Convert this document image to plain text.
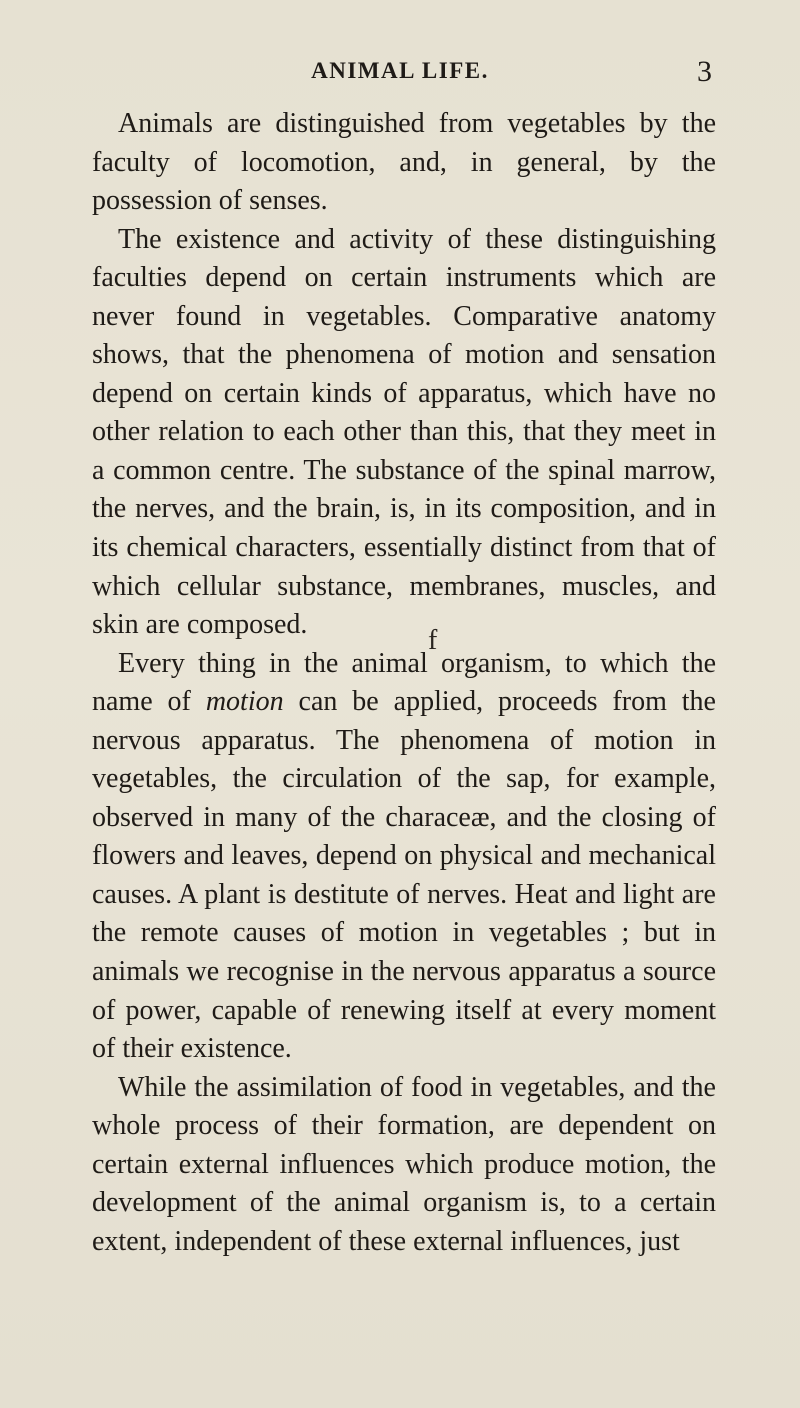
ANIMAL LIFE.	3

Animals are distinguished from vegetables by the faculty of locomotion, and, in general, by the possession of senses.

The existence and activity of these distinguishing faculties depend on certain instruments which are never found in vegetables. Comparative anatomy shows, that the phenomena of motion and sensation depend on certain kinds of apparatus, which have no other relation to each other than this, that they meet in a common centre. The substance of the spinal marrow, the nerves, and the brain, is, in its composition, and in its chemical characters, essentially distinct from that of which cellular substance, membranes, muscles, and skin are composed.

Every thing in the animal organism, to which the name of motion can be applied, proceeds from the nervous apparatus. The phenomena of motion in vegetables, the circulation of the sap, for example, observed in many of the characeæ, and the closing of flowers and leaves, depend on physical and mechanical causes. A plant is destitute of nerves. Heat and light are the remote causes of motion in vegetables ; but in animals we recognise in the nervous apparatus a source of power, capable of renewing itself at every moment of their existence.

While the assimilation of food in vegetables, and the whole process of their formation, are dependent on certain external influences which produce motion, the development of the animal organism is, to a certain extent, independent of these external influences, just

f
